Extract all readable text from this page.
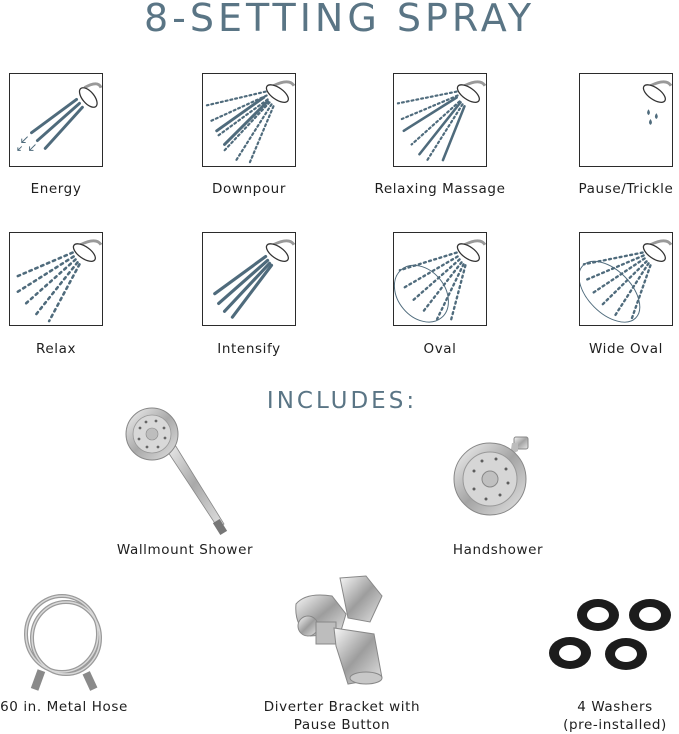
8-SETTING SPRAY
Energy	Downpour	Relaxing Massage	Pause/Trickle
Relax	Intensify	Oval	Wide Oval
INCLUDES:
Wallmount Shower	Handshower
60 in. Metal Hose	Diverter Bracket with
Pause Button
4 Washers
(pre-installed)
